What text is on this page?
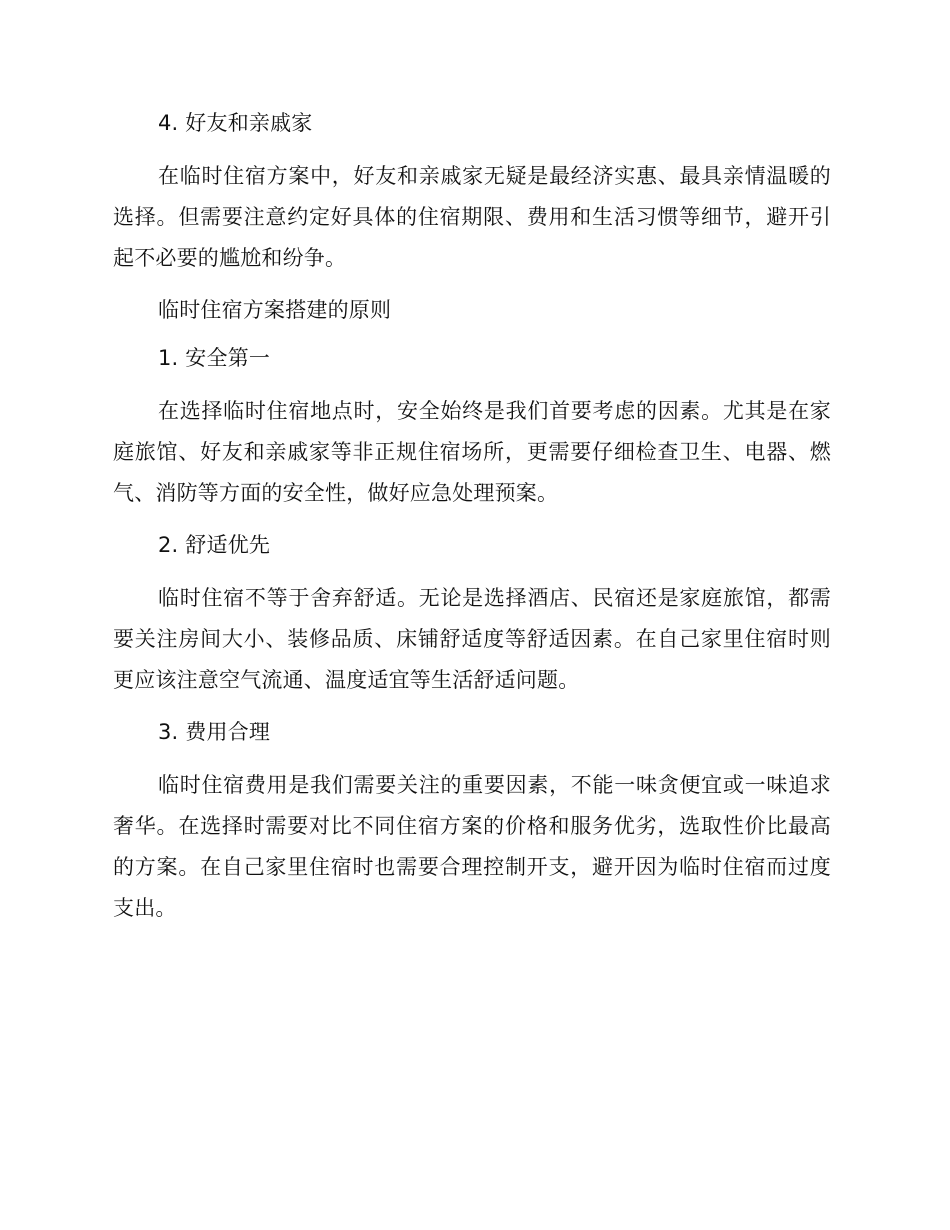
4. 好友和亲戚家

在临时住宿方案中，好友和亲戚家无疑是最经济实惠、最具亲情温暖的选择。但需要注意约定好具体的住宿期限、费用和生活习惯等细节，避开引起不必要的尴尬和纷争。

临时住宿方案搭建的原则
1. 安全第一

在选择临时住宿地点时，安全始终是我们首要考虑的因素。尤其是在家庭旅馆、好友和亲戚家等非正规住宿场所，更需要仔细检查卫生、电器、燃气、消防等方面的安全性，做好应急处理预案。

2. 舒适优先

临时住宿不等于舍弃舒适。无论是选择酒店、民宿还是家庭旅馆，都需要关注房间大小、装修品质、床铺舒适度等舒适因素。在自己家里住宿时则更应该注意空气流通、温度适宜等生活舒适问题。

3. 费用合理

临时住宿费用是我们需要关注的重要因素，不能一味贪便宜或一味追求奢华。在选择时需要对比不同住宿方案的价格和服务优劣，选取性价比最高的方案。在自己家里住宿时也需要合理控制开支，避开因为临时住宿而过度支出。
